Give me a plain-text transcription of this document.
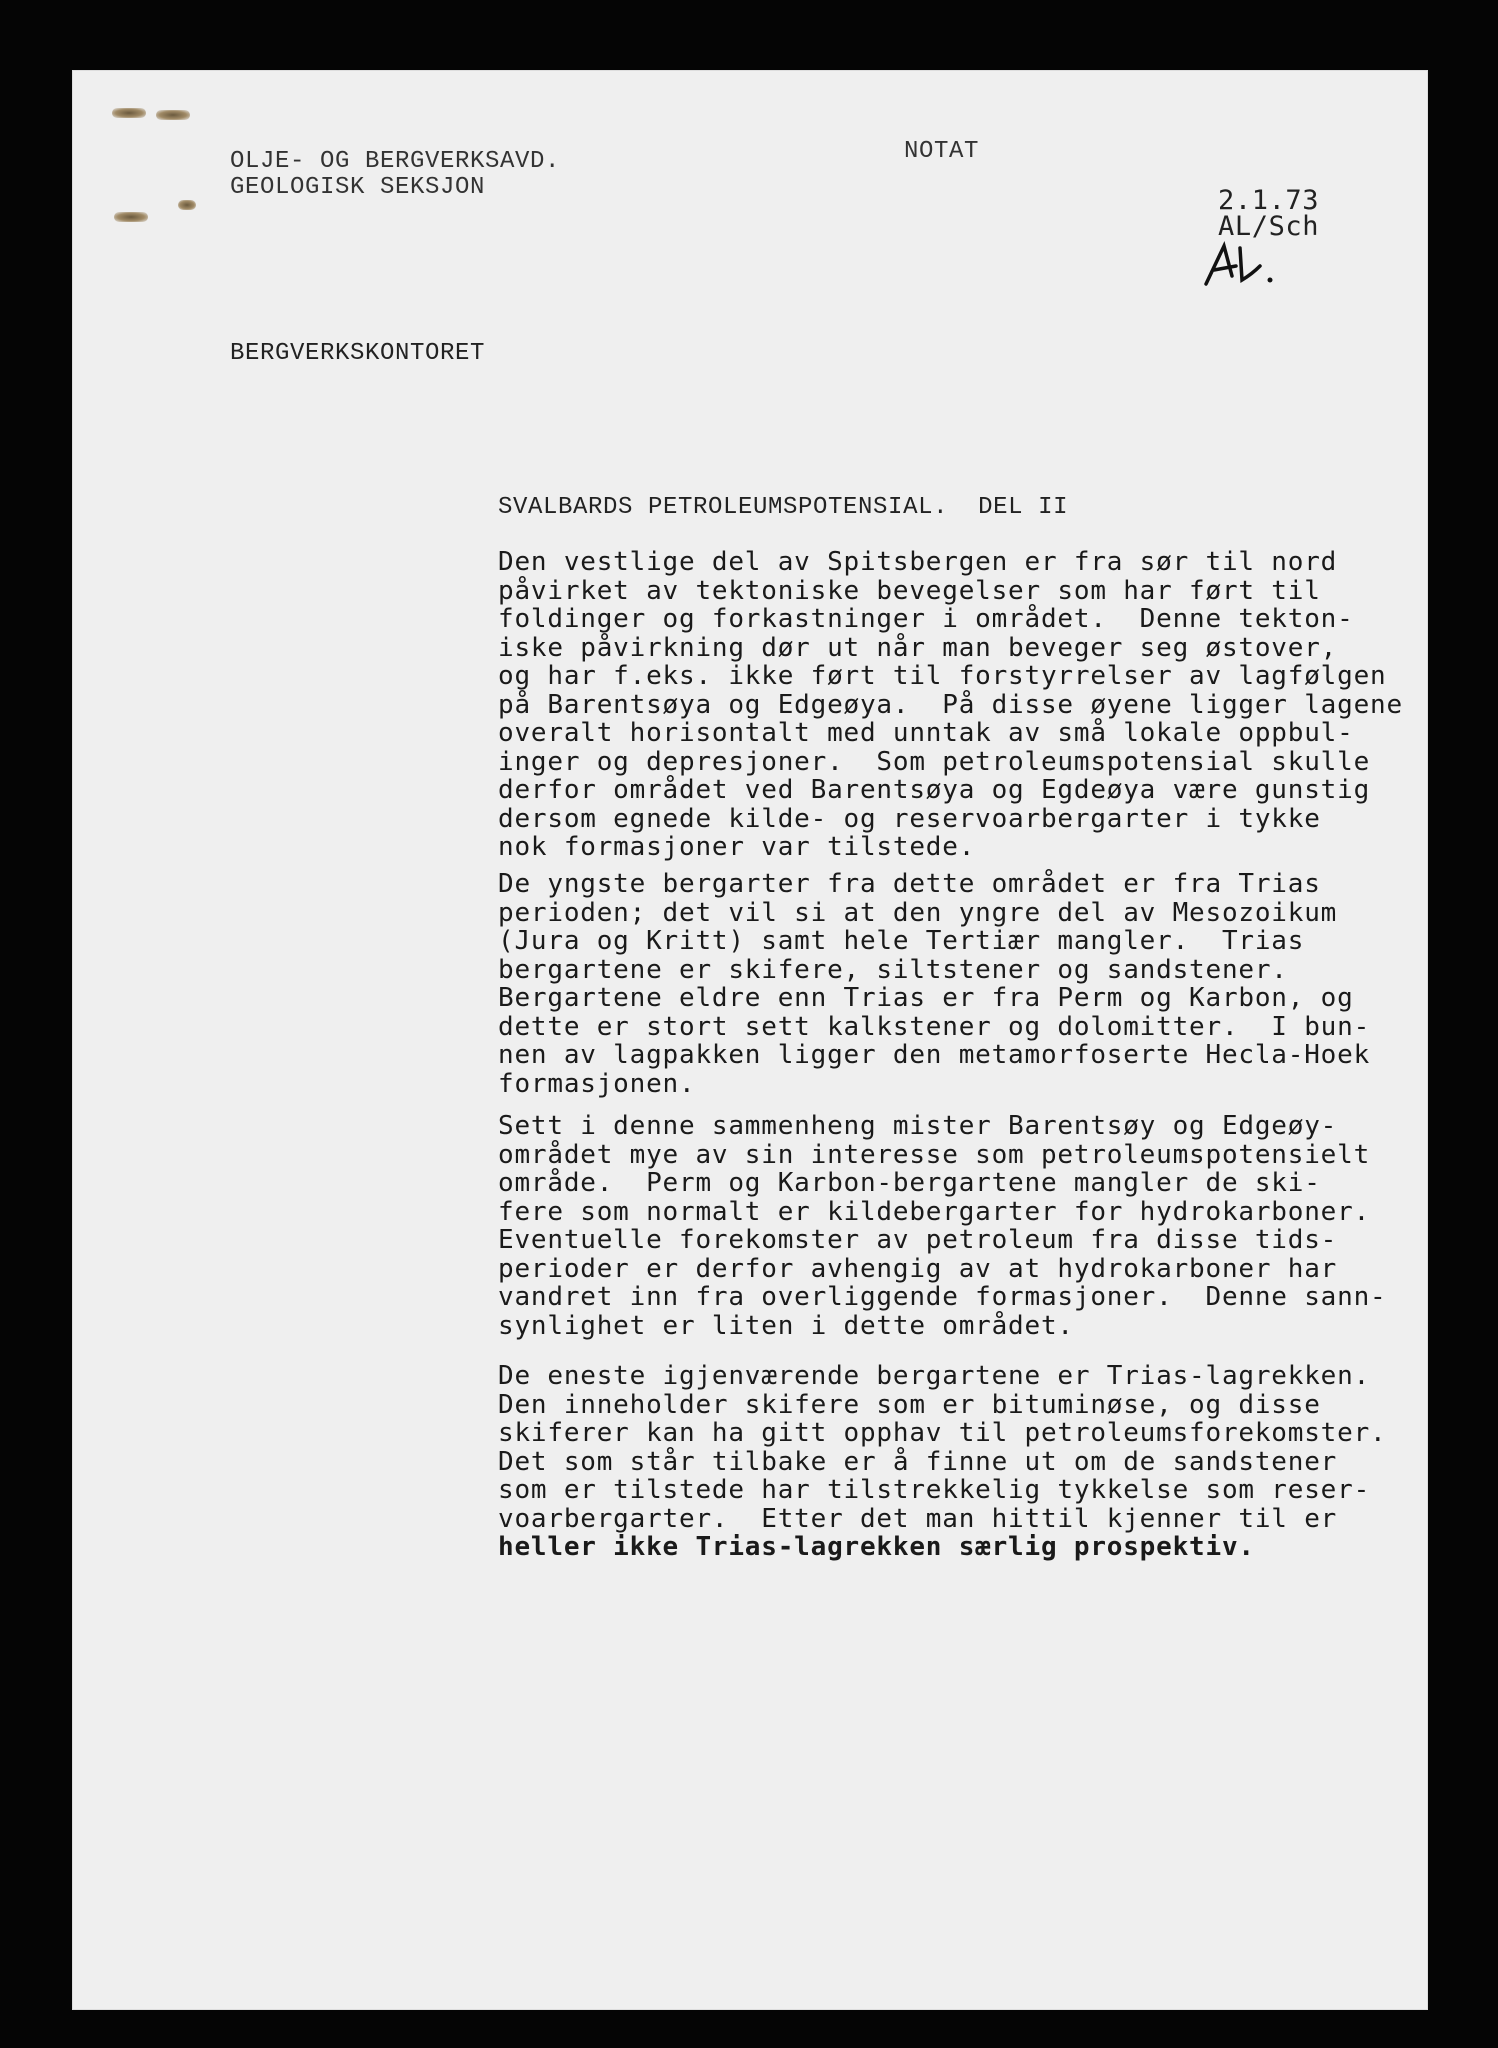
OLJE- OG BERGVERKSAVD.
GEOLOGISK SEKSJON
NOTAT
2.1.73
AL/Sch
BERGVERKSKONTORET
SVALBARDS PETROLEUMSPOTENSIAL.  DEL II
Den vestlige del av Spitsbergen er fra sør til nord
påvirket av tektoniske bevegelser som har ført til
foldinger og forkastninger i området.  Denne tekton-
iske påvirkning dør ut når man beveger seg østover,
og har f.eks. ikke ført til forstyrrelser av lagfølgen
på Barentsøya og Edgeøya.  På disse øyene ligger lagene
overalt horisontalt med unntak av små lokale oppbul-
inger og depresjoner.  Som petroleumspotensial skulle
derfor området ved Barentsøya og Egdeøya være gunstig
dersom egnede kilde- og reservoarbergarter i tykke
nok formasjoner var tilstede.
De yngste bergarter fra dette området er fra Trias
perioden; det vil si at den yngre del av Mesozoikum
(Jura og Kritt) samt hele Tertiær mangler.  Trias
bergartene er skifere, siltstener og sandstener.
Bergartene eldre enn Trias er fra Perm og Karbon, og
dette er stort sett kalkstener og dolomitter.  I bun-
nen av lagpakken ligger den metamorfoserte Hecla-Hoek
formasjonen.
Sett i denne sammenheng mister Barentsøy og Edgeøy-
området mye av sin interesse som petroleumspotensielt
område.  Perm og Karbon-bergartene mangler de ski-
fere som normalt er kildebergarter for hydrokarboner.
Eventuelle forekomster av petroleum fra disse tids-
perioder er derfor avhengig av at hydrokarboner har
vandret inn fra overliggende formasjoner.  Denne sann-
synlighet er liten i dette området.
De eneste igjenværende bergartene er Trias-lagrekken.
Den inneholder skifere som er bituminøse, og disse
skiferer kan ha gitt opphav til petroleumsforekomster.
Det som står tilbake er å finne ut om de sandstener
som er tilstede har tilstrekkelig tykkelse som reser-
voarbergarter.  Etter det man hittil kjenner til er
heller ikke Trias-lagrekken særlig prospektiv.
